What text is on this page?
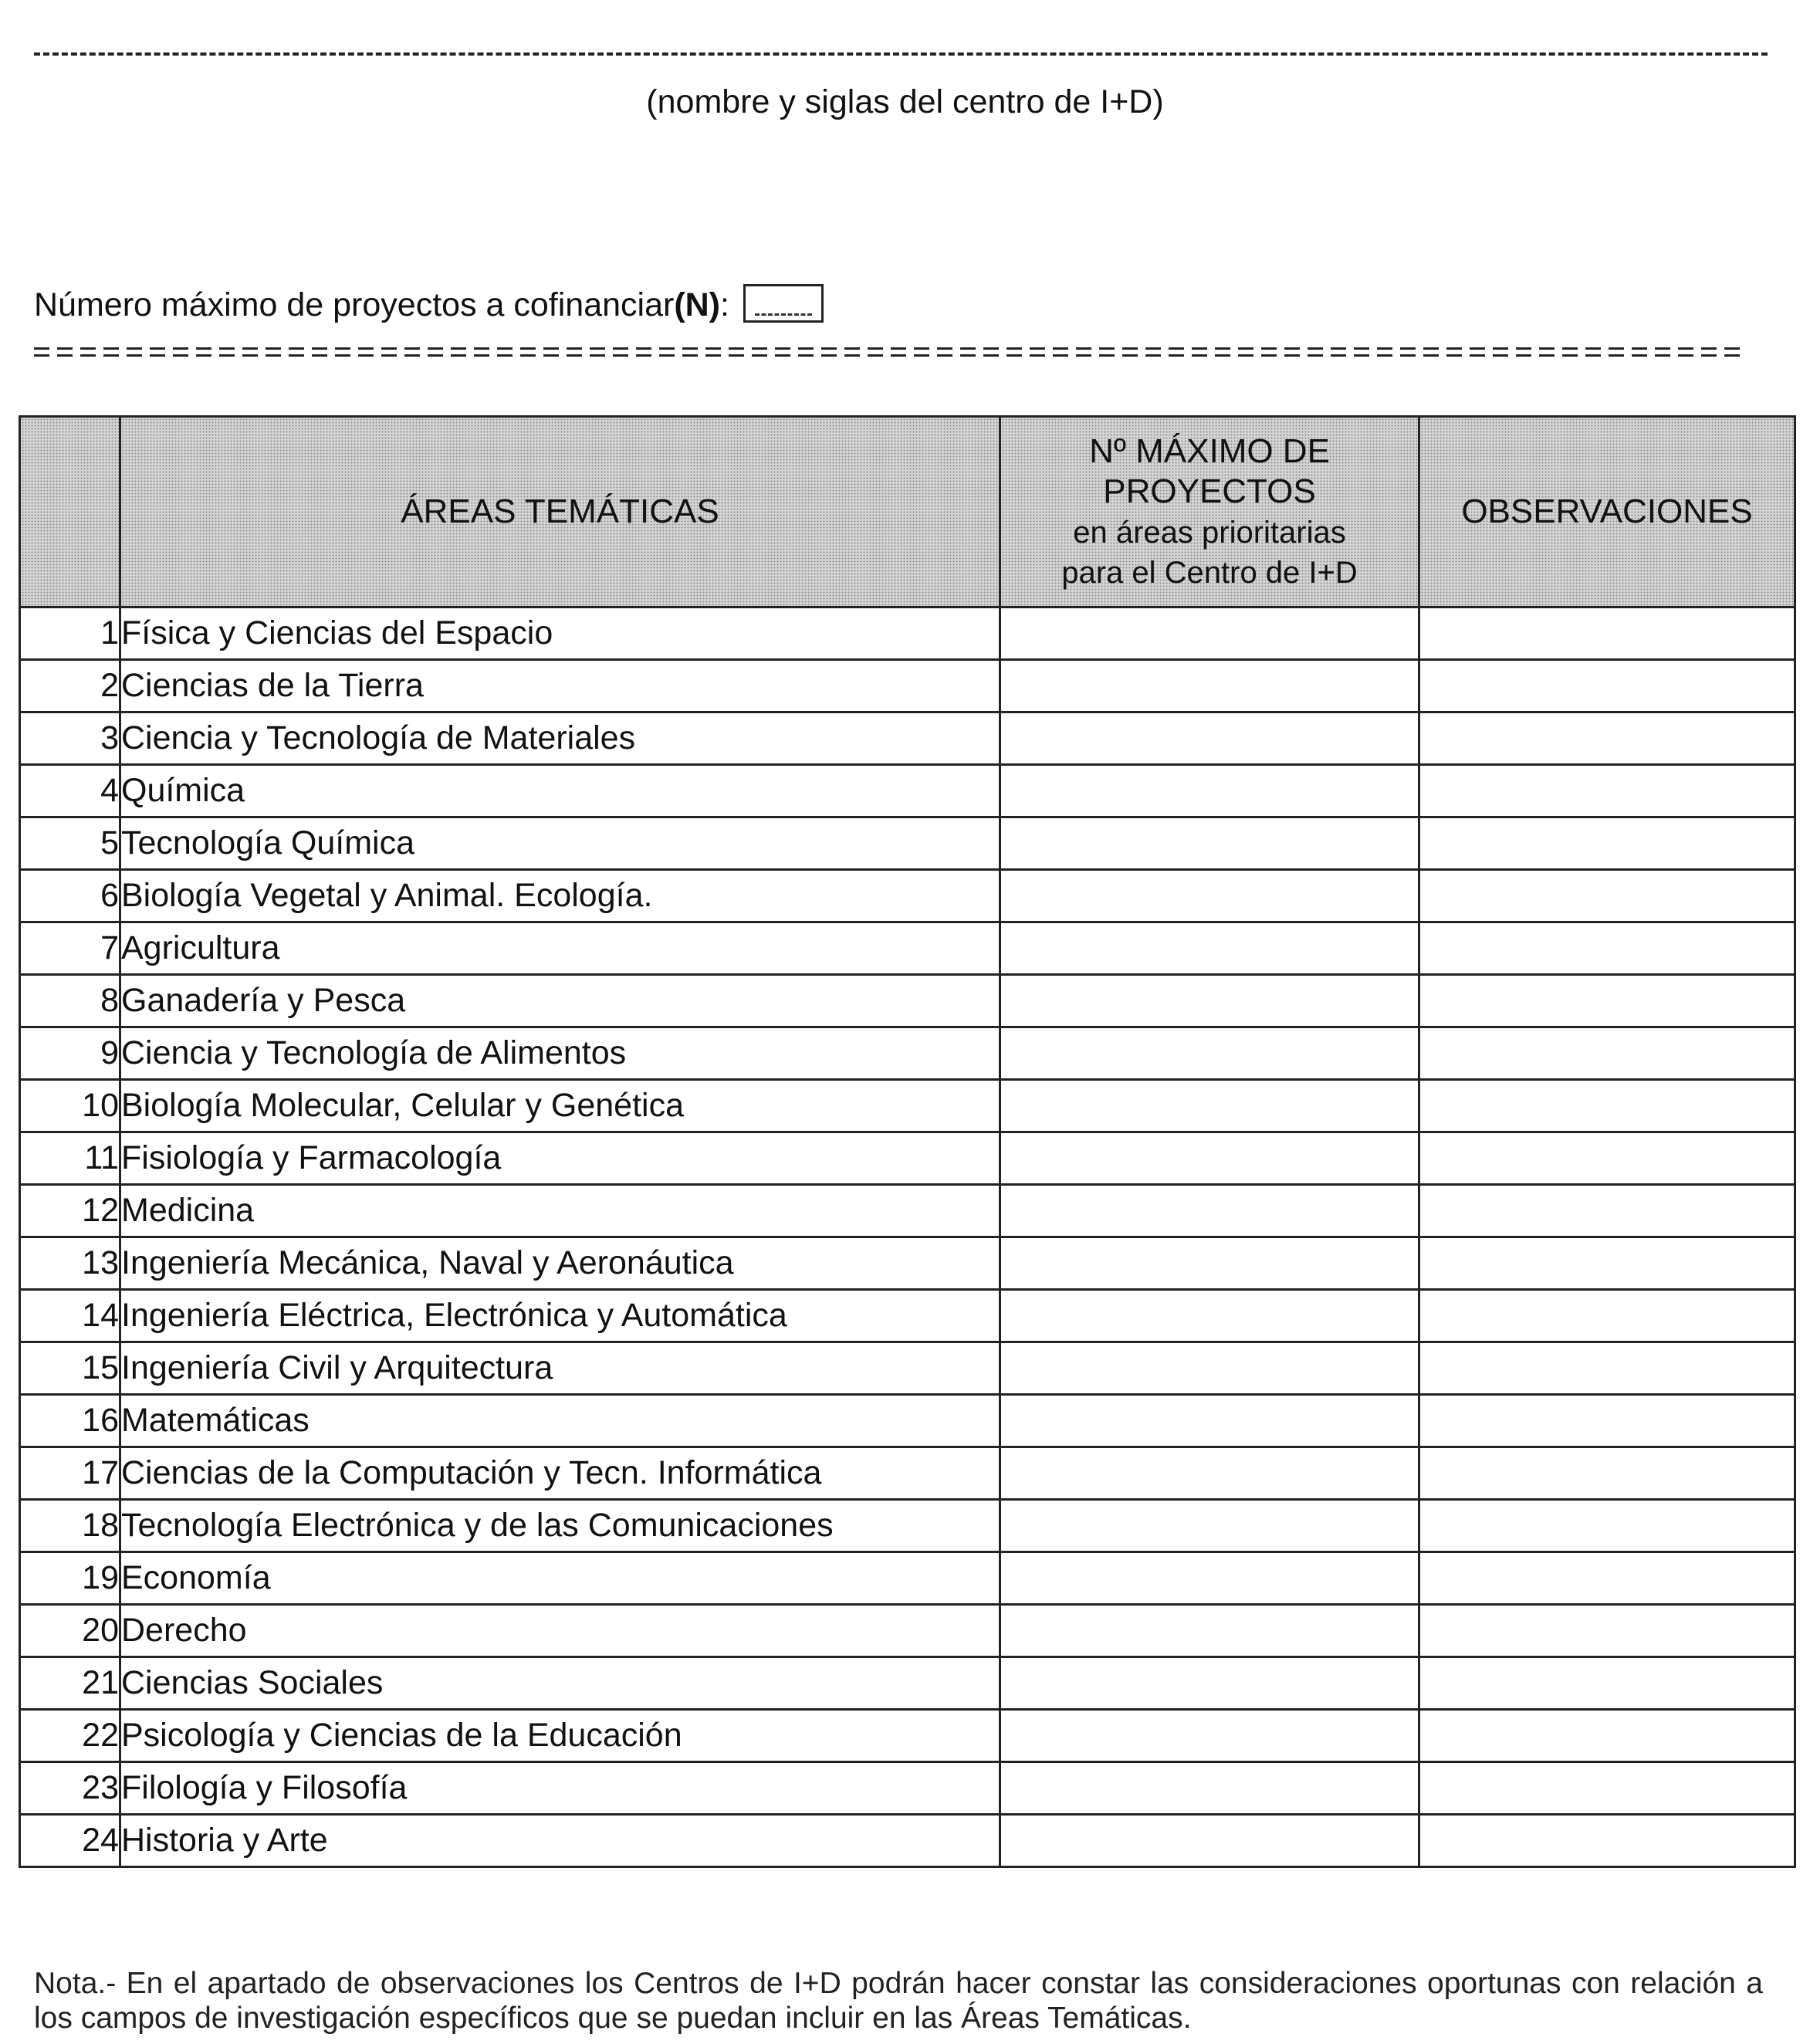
(nombre y siglas del centro de I+D)
Número máximo de proyectos a cofinanciar (N) :
	ÁREAS TEMÁTICAS	Nº MÁXIMO DE
PROYECTOS
en áreas prioritarias
para el Centro de I+D	OBSERVACIONES
1	Física y Ciencias del Espacio		
2	Ciencias de la Tierra		
3	Ciencia y Tecnología de Materiales		
4	Química		
5	Tecnología Química		
6	Biología Vegetal y Animal. Ecología.		
7	Agricultura		
8	Ganadería y Pesca		
9	Ciencia y Tecnología de Alimentos		
10	Biología Molecular, Celular y Genética		
11	Fisiología y Farmacología		
12	Medicina		
13	Ingeniería Mecánica, Naval y Aeronáutica		
14	Ingeniería Eléctrica, Electrónica y Automática		
15	Ingeniería Civil y Arquitectura		
16	Matemáticas		
17	Ciencias de la Computación y Tecn. Informática		
18	Tecnología Electrónica y de las Comunicaciones		
19	Economía		
20	Derecho		
21	Ciencias Sociales		
22	Psicología y Ciencias de la Educación		
23	Filología y Filosofía		
24	Historia y Arte		
Nota.- En el apartado de observaciones los Centros de I+D podrán hacer constar las consideraciones oportunas con relación a los campos de investigación específicos que se puedan incluir en las Áreas Temáticas.
